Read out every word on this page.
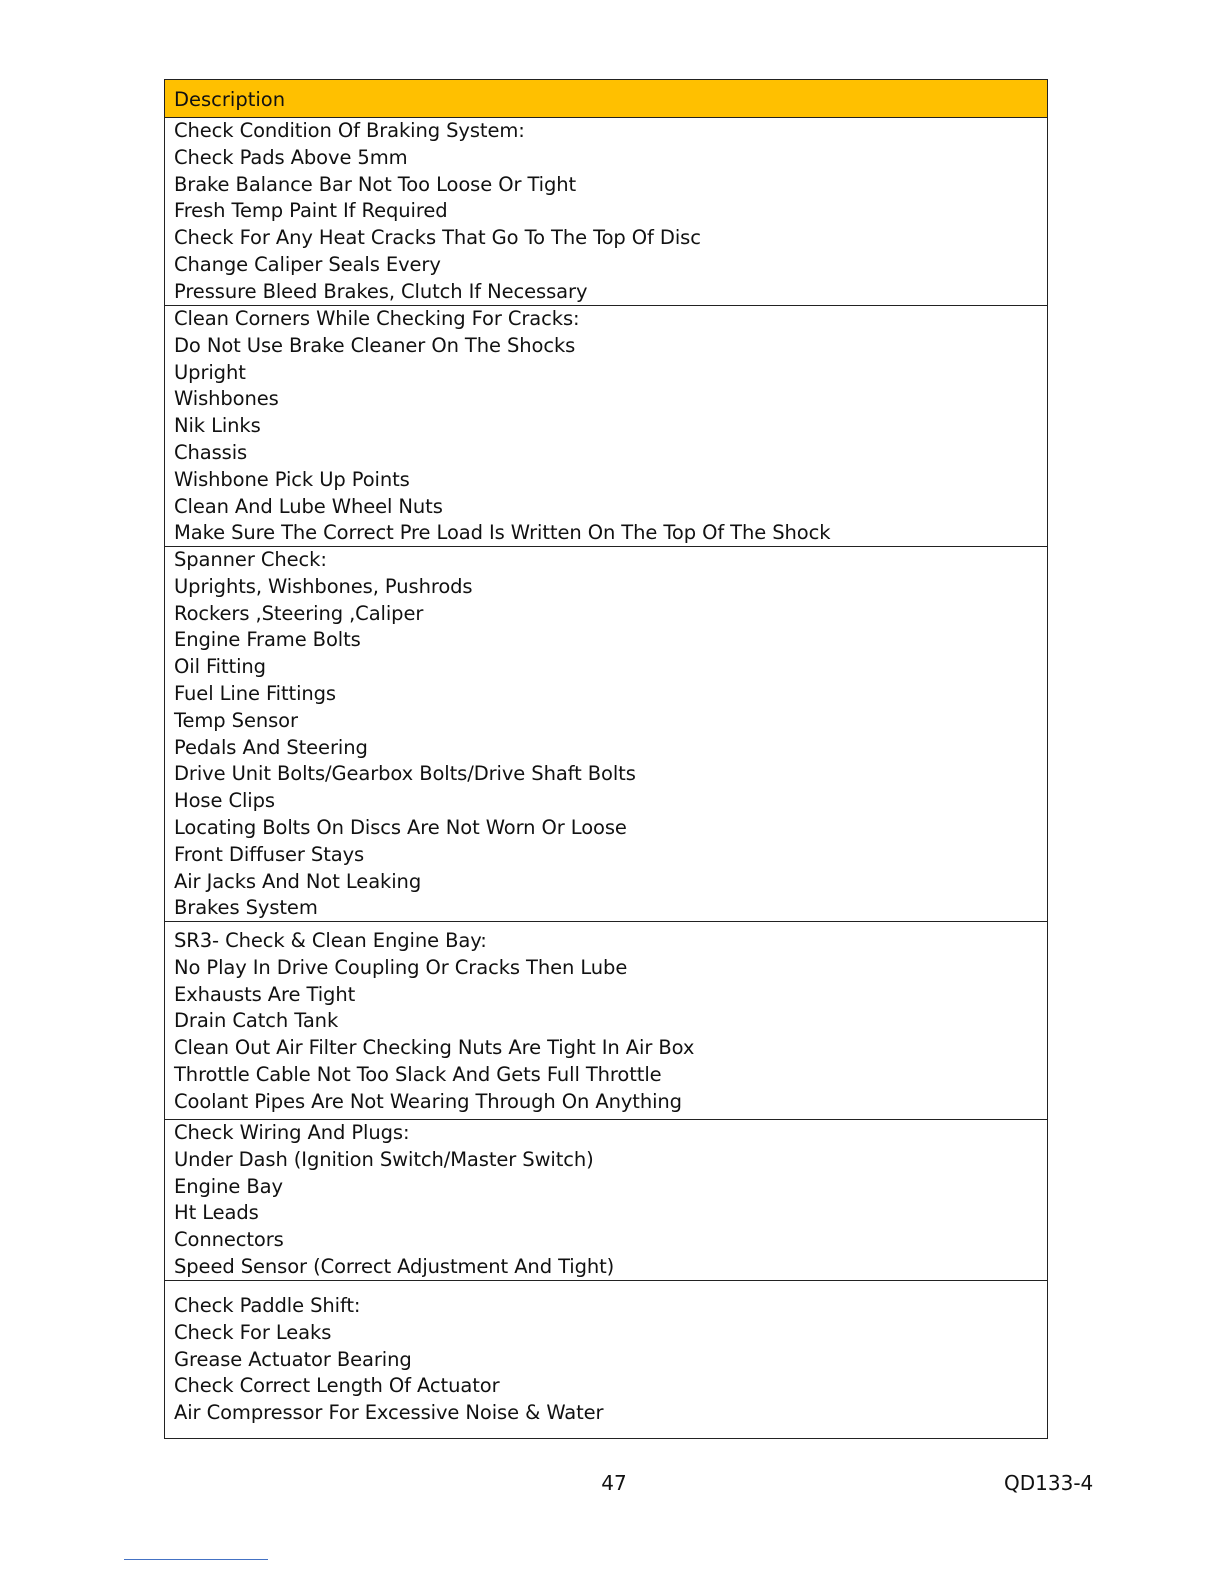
Description
Check Condition Of Braking System:
Check Pads Above 5mm
Brake Balance Bar Not Too Loose Or Tight
Fresh Temp Paint If Required
Check For Any Heat Cracks That Go To The Top Of Disc
Change Caliper Seals Every
Pressure Bleed Brakes, Clutch If Necessary
Clean Corners While Checking For Cracks:
Do Not Use Brake Cleaner On The Shocks
Upright
Wishbones
Nik Links
Chassis
Wishbone Pick Up Points
Clean And Lube Wheel Nuts
Make Sure The Correct Pre Load Is Written On The Top Of The Shock
Spanner Check:
Uprights, Wishbones, Pushrods
Rockers ,Steering ,Caliper
Engine Frame Bolts
Oil Fitting
Fuel Line Fittings
Temp Sensor
Pedals And Steering
Drive Unit Bolts/Gearbox Bolts/Drive Shaft Bolts
Hose Clips
Locating Bolts On Discs Are Not Worn Or Loose
Front Diffuser Stays
Air Jacks And Not Leaking
Brakes System
SR3- Check & Clean Engine Bay:
No Play In Drive Coupling Or Cracks Then Lube
Exhausts Are Tight
Drain Catch Tank
Clean Out Air Filter Checking Nuts Are Tight In Air Box
Throttle Cable Not Too Slack And Gets Full Throttle
Coolant Pipes Are Not Wearing Through On Anything
Check Wiring And Plugs:
Under Dash (Ignition Switch/Master Switch)
Engine Bay
Ht Leads
Connectors
Speed Sensor (Correct Adjustment And Tight)
Check Paddle Shift:
Check For Leaks
Grease Actuator Bearing
Check Correct Length Of Actuator
Air Compressor For Excessive Noise & Water
47	QD133-4
